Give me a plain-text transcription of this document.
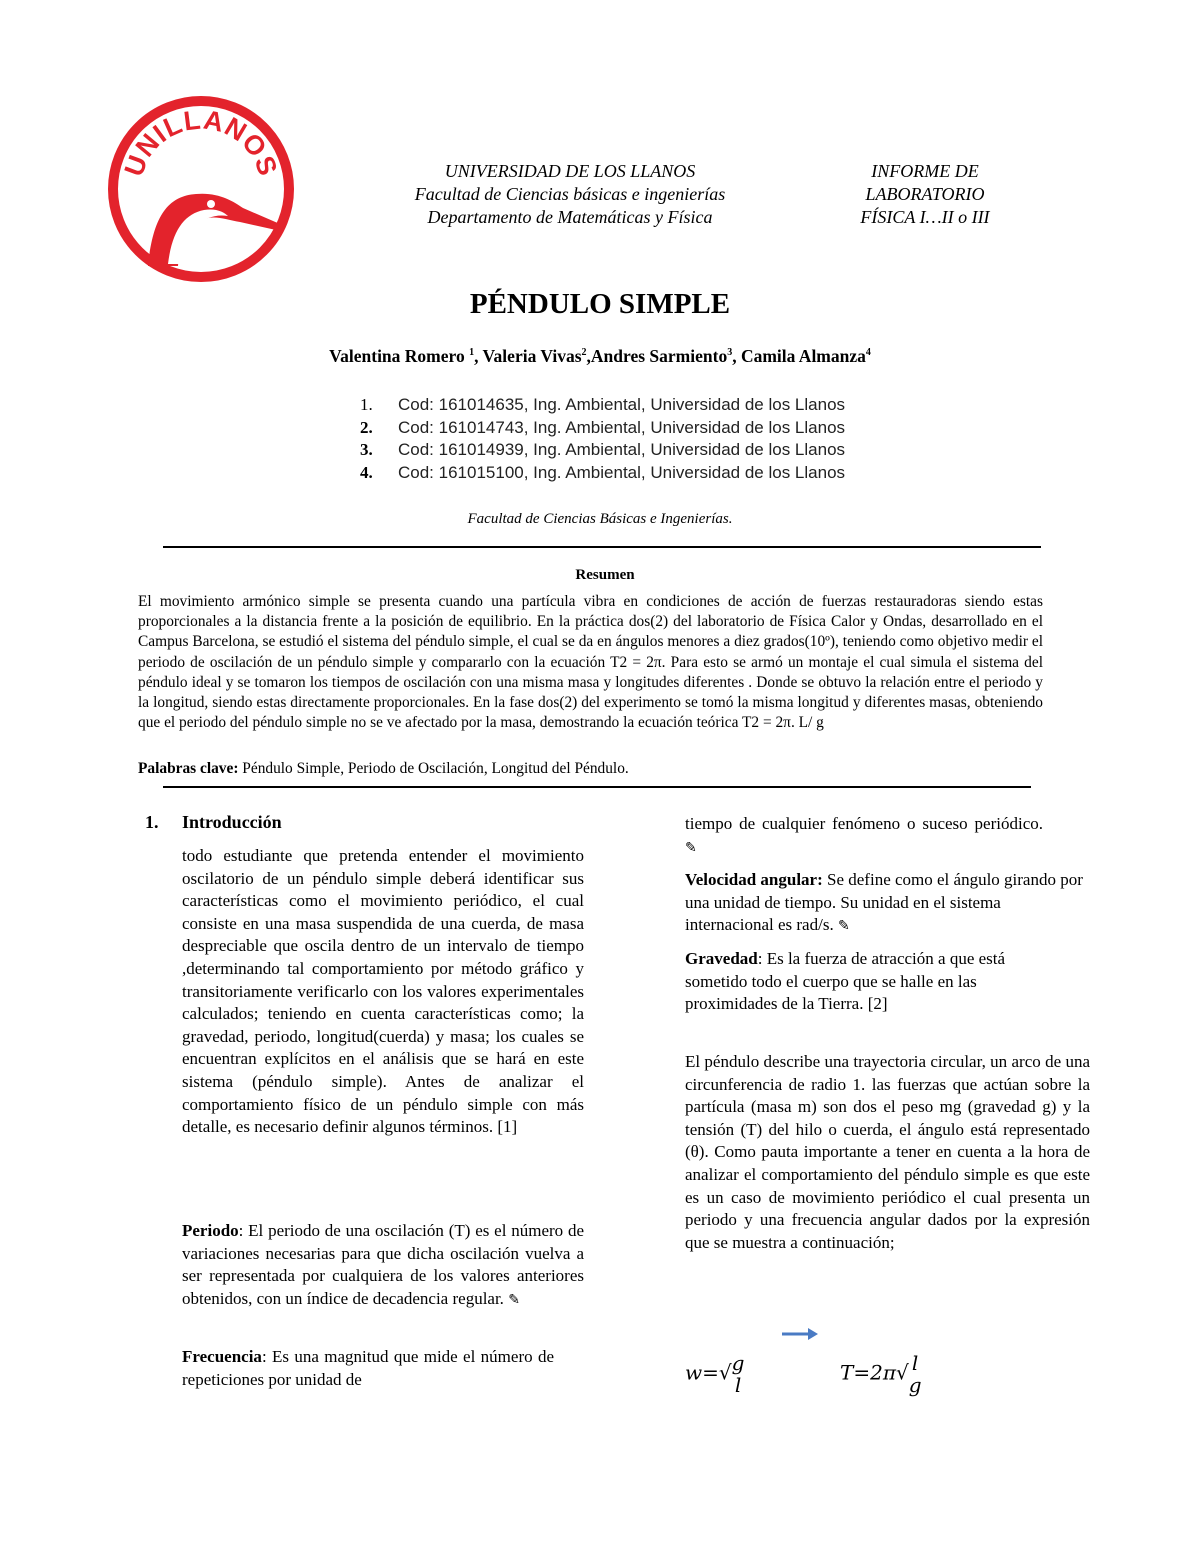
UNILLANOS	UNIVERSIDAD DE LOS LLANOS
Facultad de Ciencias básicas e ingenierías
Departamento de Matemáticas y Física
INFORME DE
LABORATORIO
FÍSICA I…II o III
PÉNDULO SIMPLE
Valentina Romero $^1$, Valeria Vivas$^2$,Andres Sarmiento$^3$, Camila Almanza$^4$
1. Cod: 161014635, Ing. Ambiental, Universidad de los Llanos
2. Cod: 161014743, Ing. Ambiental, Universidad de los Llanos
3. Cod: 161014939, Ing. Ambiental, Universidad de los Llanos
4. Cod: 161015100, Ing. Ambiental, Universidad de los Llanos
Facultad de Ciencias Básicas e Ingenierías.
Resumen
El movimiento armónico simple se presenta cuando una partícula vibra en condiciones de acción de fuerzas restauradoras siendo estas proporcionales a la distancia frente a la posición de equilibrio. En la práctica dos(2) del laboratorio de Física Calor y Ondas, desarrollado en el Campus Barcelona, se estudió el sistema del péndulo simple, el cual se da en ángulos menores a diez grados(10º), teniendo como objetivo medir el periodo de oscilación de un péndulo simple y compararlo con la ecuación T2 = 2π. Para esto se armó un montaje el cual simula el sistema del péndulo ideal y se tomaron los tiempos de oscilación con una misma masa y longitudes diferentes . Donde se obtuvo la relación entre el periodo y la longitud, siendo estas directamente proporcionales. En la fase dos(2) del experimento se tomó la misma longitud y diferentes masas, obteniendo que el periodo del péndulo simple no se ve afectado por la masa, demostrando la ecuación teórica T2 = 2π. L/ g
Palabras clave: Péndulo Simple, Periodo de Oscilación, Longitud del Péndulo.
1. Introducción
todo estudiante que pretenda entender el movimiento oscilatorio de un péndulo simple deberá identificar sus características como el movimiento periódico, el cual consiste en una masa suspendida de una cuerda, de masa despreciable que oscila dentro de un intervalo de tiempo ,determinando tal comportamiento por método gráfico y transitoriamente verificarlo con los valores experimentales calculados; teniendo en cuenta características como; la gravedad, periodo, longitud(cuerda) y masa; los cuales se encuentran explícitos en el análisis que se hará en este sistema (péndulo simple). Antes de analizar el comportamiento físico de un péndulo simple con más detalle, es necesario definir algunos términos. [1]
Periodo: El periodo de una oscilación (T) es el número de variaciones necesarias para que dicha oscilación vuelva a ser representada por cualquiera de los valores anteriores obtenidos, con un índice de decadencia regular. ✎
Frecuencia: Es una magnitud que mide el número de repeticiones por unidad de
tiempo de cualquier fenómeno o suceso periódico. ✎
Velocidad angular: Se define como el ángulo girando por una unidad de tiempo. Su unidad en el sistema internacional es rad/s. ✎
Gravedad: Es la fuerza de atracción a que está sometido todo el cuerpo que se halle en las proximidades de la Tierra. [2]
El péndulo describe una trayectoria circular, un arco de una circunferencia de radio 1. las fuerzas que actúan sobre la partícula (masa m) son dos el peso mg (gravedad g) y la tensión (T) del hilo o cuerda, el ángulo está representado (θ). Como pauta importante a tener en cuenta a la hora de analizar el comportamiento del péndulo simple es que este es un caso de movimiento periódico el cual presenta un periodo y una frecuencia angular dados por la expresión que se muestra a continuación;
w=√ g
l
T=2π√ l
g
